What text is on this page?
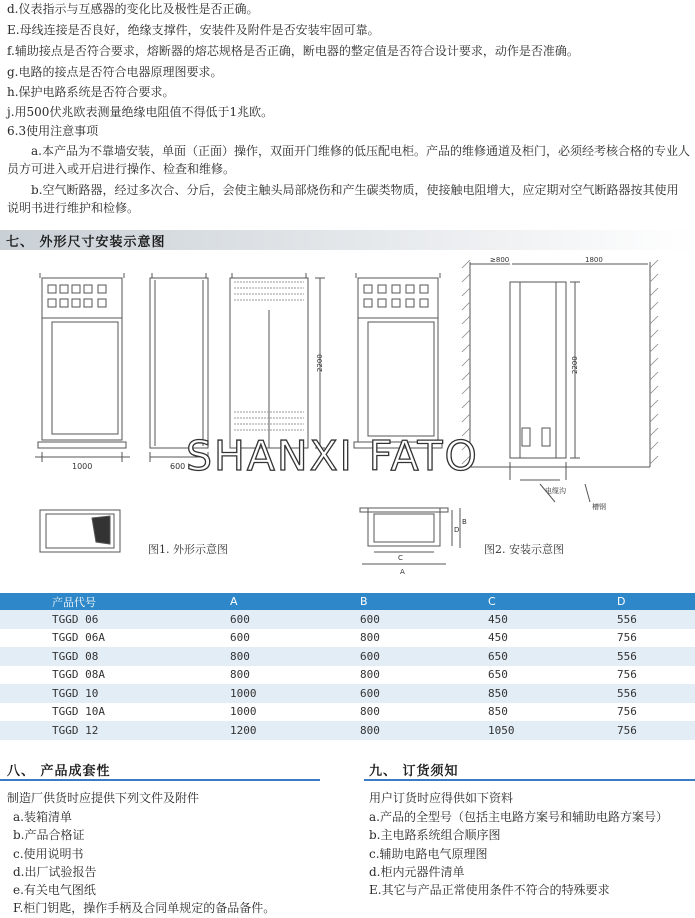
d.仪表指示与互感器的变化比及极性是否正确。
E.母线连接是否良好，绝缘支撑件，安装件及附件是否安装牢固可靠。
f.辅助接点是否符合要求，熔断器的熔芯规格是否正确，断电器的整定值是否符合设计要求，动作是否准确。
g.电路的接点是否符合电器原理图要求。
h.保护电路系统是否符合要求。
j.用500伏兆欧表测量绝缘电阻值不得低于1兆欧。
6.3使用注意事项
a.本产品为不靠墙安装，单面（正面）操作，双面开门维修的低压配电柜。产品的维修通道及柜门，必须经考核合格的专业人员方可进入或开启进行操作、检查和维修。
b.空气断路器，经过多次合、分后，会使主触头局部烧伤和产生碳类物质，使接触电阻增大，应定期对空气断路器按其使用说明书进行维护和检修。
七、 外形尺寸安装示意图
1000	600
2200
≥800	1800
2200
电缆沟
槽钢
A
C
D
B
SHANXI FATO
图1. 外形示意图	图2. 安装示意图
产品代号	A	B	C	D
TGGD 06	600	600	450	556
TGGD 06A	600	800	450	756
TGGD 08	800	600	650	556
TGGD 08A	800	800	650	756
TGGD 10	1000	600	850	556
TGGD 10A	1000	800	850	756
TGGD 12	1200	800	1050	756
八、 产品成套性
制造厂供货时应提供下列文件及附件
a.装箱清单
b.产品合格证
c.使用说明书
d.出厂试验报告
e.有关电气图纸
F.柜门钥匙，操作手柄及合同单规定的备品备件。
九、 订货须知
用户订货时应得供如下资料
a.产品的全型号（包括主电路方案号和辅助电路方案号）
b.主电路系统组合顺序图
c.辅助电路电气原理图
d.柜内元器件清单
E.其它与产品正常使用条件不符合的特殊要求
